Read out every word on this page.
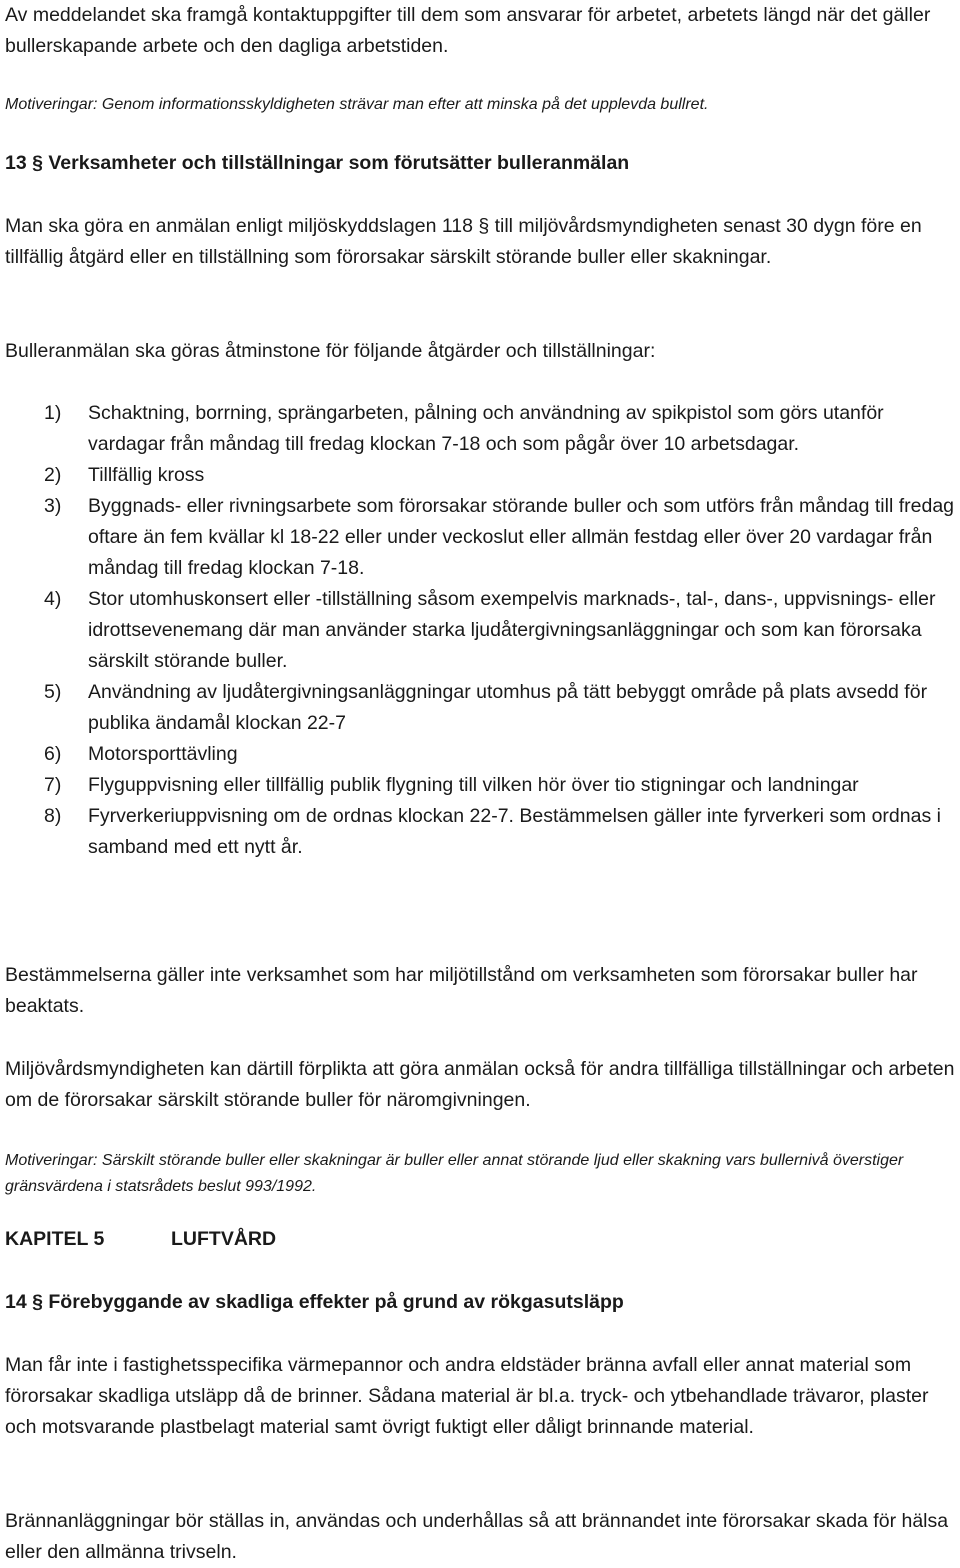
Av meddelandet ska framgå kontaktuppgifter till dem som ansvarar för arbetet, arbetets längd när det gäller bullerskapande arbete och den dagliga arbetstiden.

Motiveringar: Genom informationsskyldigheten strävar man efter att minska på det upplevda bullret.

13 § Verksamheter och tillställningar som förutsätter bulleranmälan

Man ska göra en anmälan enligt miljöskyddslagen 118 § till miljövårdsmyndigheten senast 30 dygn före en tillfällig åtgärd eller en tillställning som förorsakar särskilt störande buller eller skakningar.

Bulleranmälan ska göras åtminstone för följande åtgärder och tillställningar:

1) Schaktning, borrning, sprängarbeten, pålning och användning av spikpistol som görs utanför vardagar från måndag till fredag klockan 7-18 och som pågår över 10 arbetsdagar.
2) Tillfällig kross
3) Byggnads- eller rivningsarbete som förorsakar störande buller och som utförs från måndag till fredag oftare än fem kvällar kl 18-22 eller under veckoslut eller allmän festdag eller över 20 vardagar från måndag till fredag klockan 7-18.
4) Stor utomhuskonsert eller -tillställning såsom exempelvis marknads-, tal-, dans-, uppvisnings- eller idrottsevenemang där man använder starka ljudåtergivningsanläggningar och som kan förorsaka särskilt störande buller.
5) Användning av ljudåtergivningsanläggningar utomhus på tätt bebyggt område på plats avsedd för publika ändamål klockan 22-7
6) Motorsporttävling
7) Flyguppvisning eller tillfällig publik flygning till vilken hör över tio stigningar och landningar
8) Fyrverkeriuppvisning om de ordnas klockan 22-7. Bestämmelsen gäller inte fyrverkeri som ordnas i samband med ett nytt år.

Bestämmelserna gäller inte verksamhet som har miljötillstånd om verksamheten som förorsakar buller har beaktats.

Miljövårdsmyndigheten kan därtill förplikta att göra anmälan också för andra tillfälliga tillställningar och arbeten om de förorsakar särskilt störande buller för näromgivningen.

Motiveringar: Särskilt störande buller eller skakningar är buller eller annat störande ljud eller skakning vars bullernivå överstiger gränsvärdena i statsrådets beslut 993/1992.

KAPITEL 5	LUFTVÅRD
14 § Förebyggande av skadliga effekter på grund av rökgasutsläpp

Man får inte i fastighetsspecifika värmepannor och andra eldstäder bränna avfall eller annat material som förorsakar skadliga utsläpp då de brinner. Sådana material är bl.a. tryck- och ytbehandlade trävaror, plaster och motsvarande plastbelagt material samt övrigt fuktigt eller dåligt brinnande material.

Brännanläggningar bör ställas in, användas och underhållas så att brännandet inte förorsakar skada för hälsa eller den allmänna trivseln.
